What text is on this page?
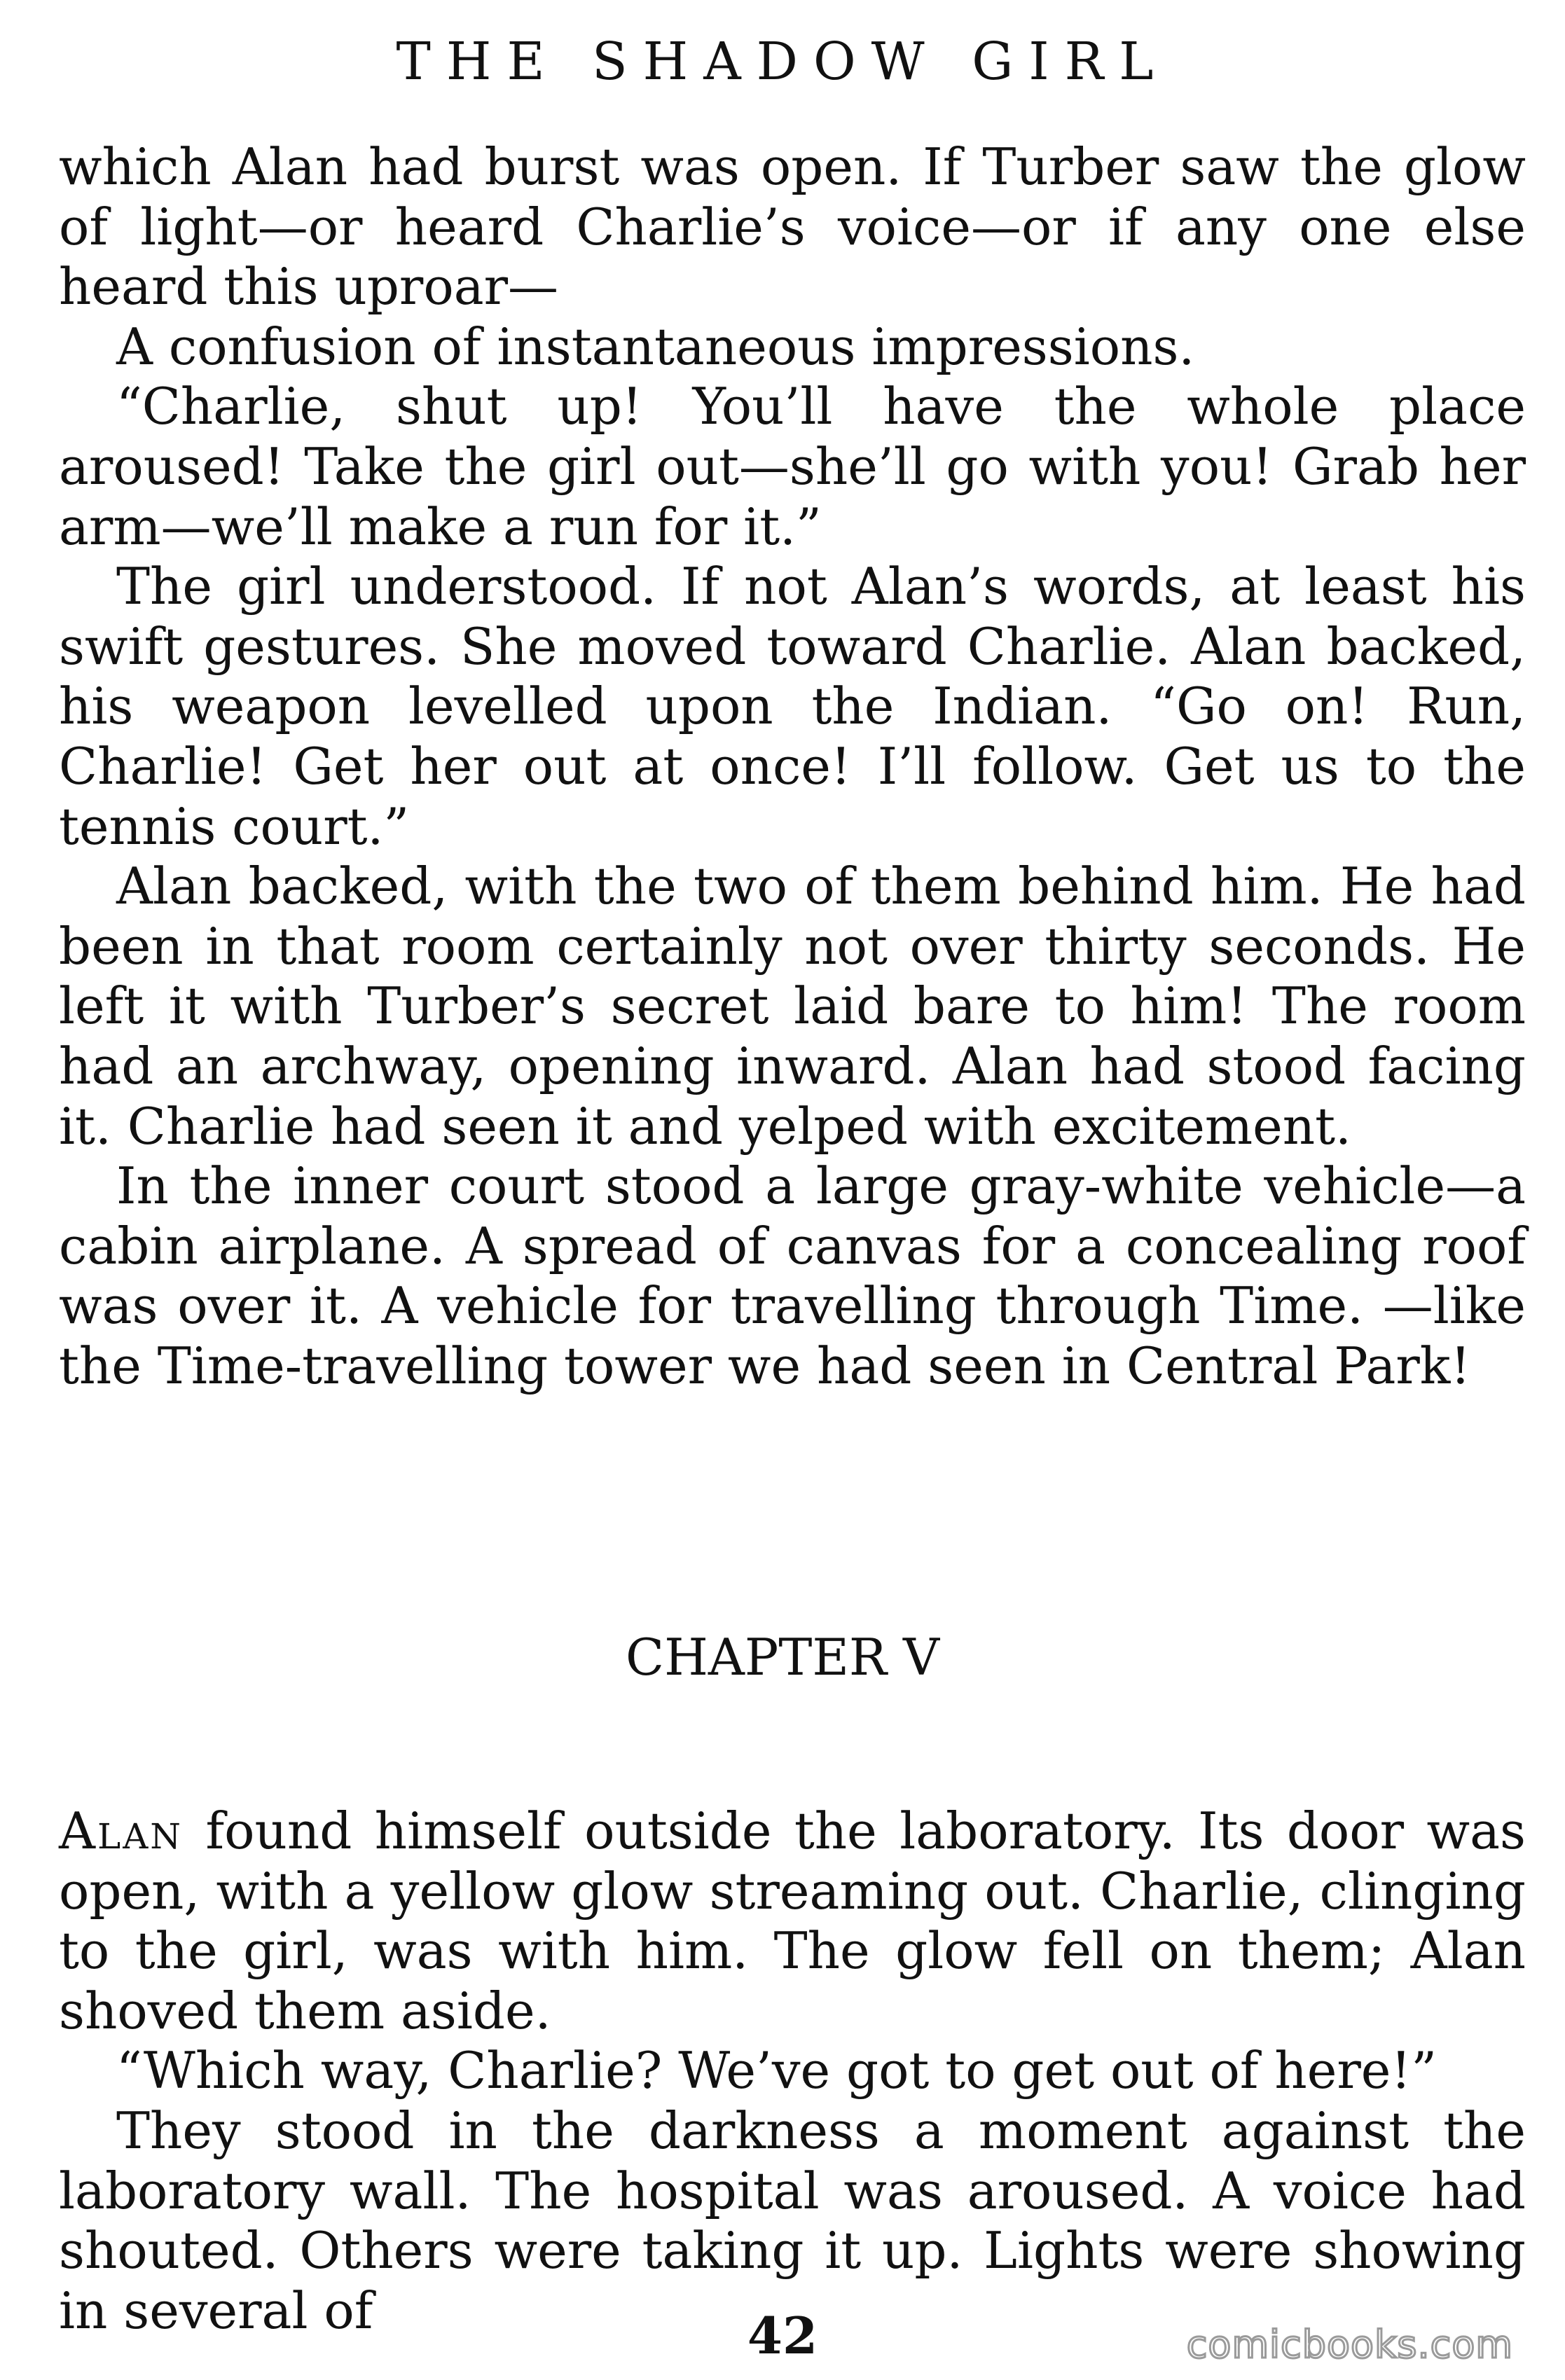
THE SHADOW GIRL

which Alan had burst was open. If Turber saw the glow of light—or heard Charlie’s voice—or if any one else heard this uproar—

A confusion of instantaneous impressions.

“Charlie, shut up! You’ll have the whole place aroused! Take the girl out—she’ll go with you! Grab her arm—we’ll make a run for it.”

The girl understood. If not Alan’s words, at least his swift gestures. She moved toward Charlie. Alan backed, his weapon levelled upon the Indian. “Go on! Run, Charlie! Get her out at once! I’ll follow. Get us to the tennis court.”

Alan backed, with the two of them behind him. He had been in that room certainly not over thirty seconds. He left it with Turber’s secret laid bare to him! The room had an archway, opening inward. Alan had stood facing it. Charlie had seen it and yelped with excitement.

In the inner court stood a large gray-white vehicle—a cabin airplane. A spread of canvas for a concealing roof was over it. A vehicle for travelling through Time. —like the Time-travelling tower we had seen in Central Park!

CHAPTER V

Alan found himself outside the laboratory. Its door was open, with a yellow glow streaming out. Charlie, clinging to the girl, was with him. The glow fell on them; Alan shoved them aside.

“Which way, Charlie? We’ve got to get out of here!”

They stood in the darkness a moment against the laboratory wall. The hospital was aroused. A voice had shouted. Others were taking it up. Lights were showing in several of	42	comicbooks.com
